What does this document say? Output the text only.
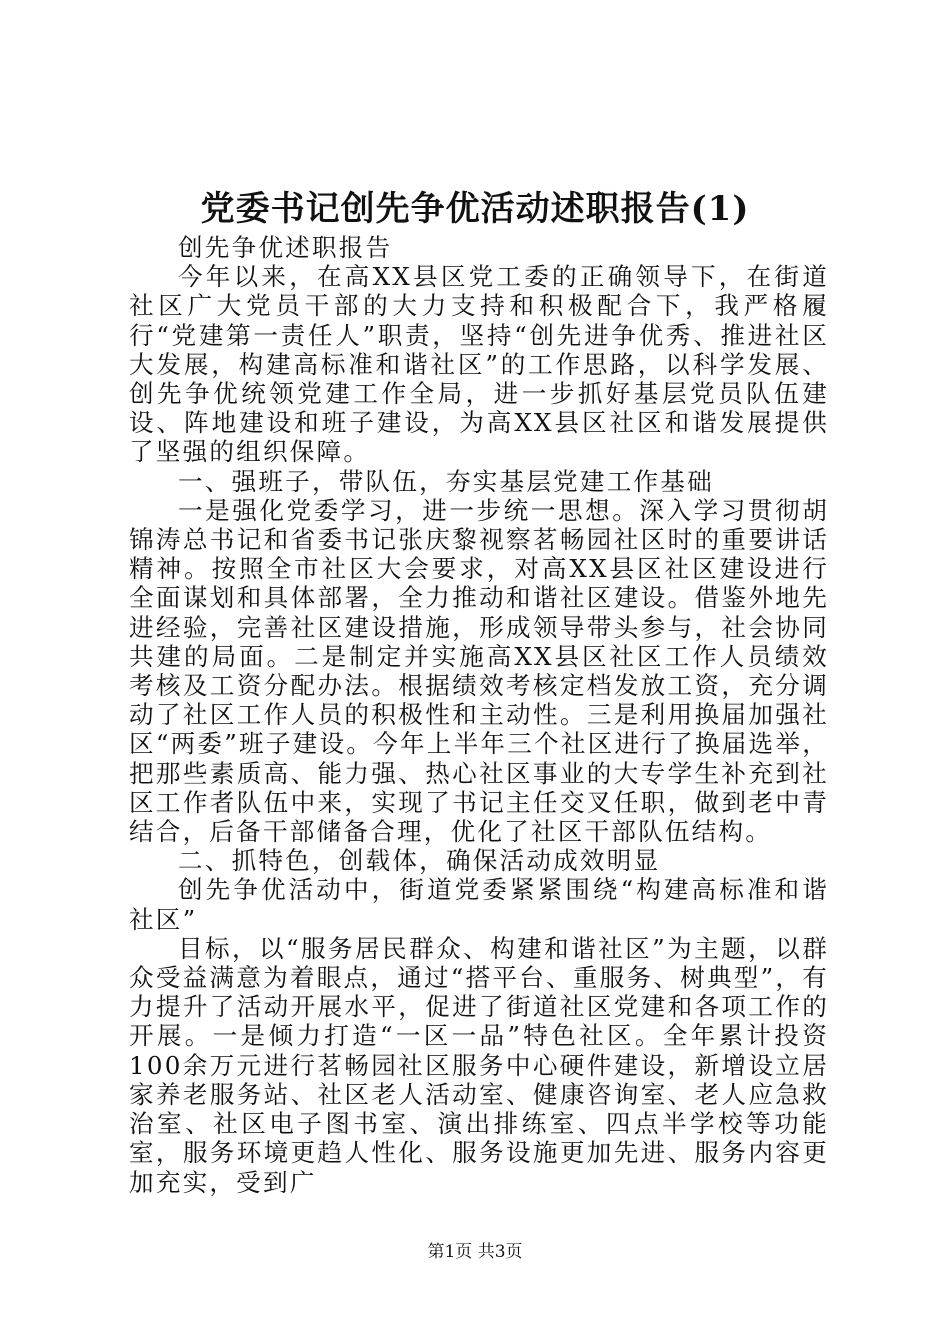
党委书记创先争优活动述职报告(1)

创先争优述职报告

今年以来，在高XX县区党工委的正确领导下，在街道社区广大党员干部的大力支持和积极配合下，我严格履行“党建第一责任人”职责，坚持“创先进争优秀、推进社区大发展，构建高标准和谐社区”的工作思路，以科学发展、创先争优统领党建工作全局，进一步抓好基层党员队伍建设、阵地建设和班子建设，为高XX县区社区和谐发展提供了坚强的组织保障。

一、强班子，带队伍，夯实基层党建工作基础

一是强化党委学习，进一步统一思想。深入学习贯彻胡锦涛总书记和省委书记张庆黎视察茗畅园社区时的重要讲话精神。按照全市社区大会要求，对高XX县区社区建设进行全面谋划和具体部署，全力推动和谐社区建设。借鉴外地先进经验，完善社区建设措施，形成领导带头参与，社会协同共建的局面。二是制定并实施高XX县区社区工作人员绩效考核及工资分配办法。根据绩效考核定档发放工资，充分调动了社区工作人员的积极性和主动性。三是利用换届加强社区“两委”班子建设。今年上半年三个社区进行了换届选举，把那些素质高、能力强、热心社区事业的大专学生补充到社区工作者队伍中来，实现了书记主任交叉任职，做到老中青结合，后备干部储备合理，优化了社区干部队伍结构。

二、抓特色，创载体，确保活动成效明显

创先争优活动中，街道党委紧紧围绕“构建高标准和谐社区”

目标，以“服务居民群众、构建和谐社区”为主题，以群众受益满意为着眼点，通过“搭平台、重服务、树典型”，有力提升了活动开展水平，促进了街道社区党建和各项工作的开展。一是倾力打造“一区一品”特色社区。全年累计投资100余万元进行茗畅园社区服务中心硬件建设，新增设立居家养老服务站、社区老人活动室、健康咨询室、老人应急救治室、社区电子图书室、演出排练室、四点半学校等功能室，服务环境更趋人性化、服务设施更加先进、服务内容更加充实，受到广

第1页 共3页
